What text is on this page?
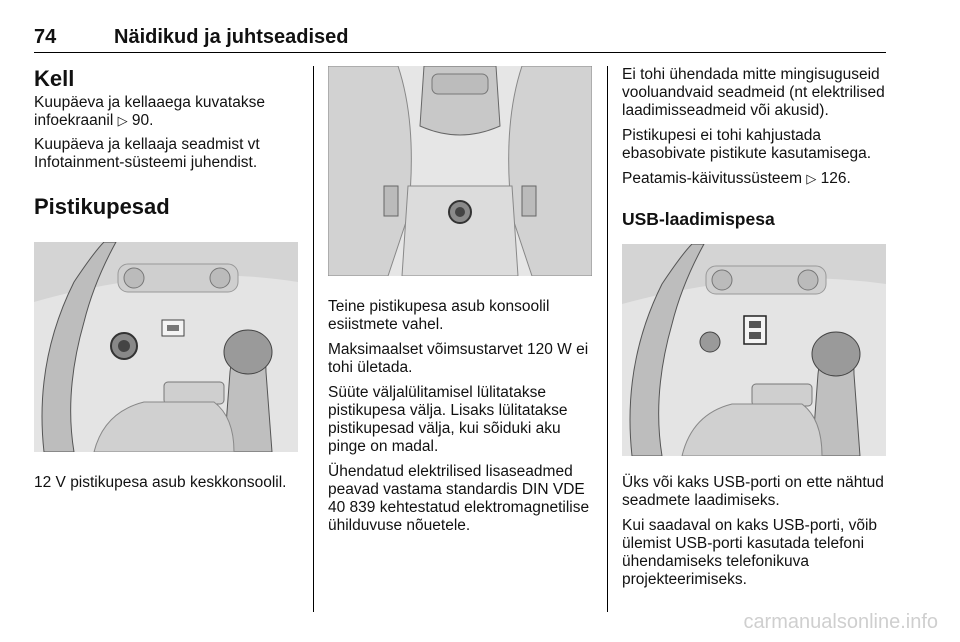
74	Näidikud ja juhtseadised
Kell

Kuupäeva ja kellaaega kuvatakse infoekraanil ▷ 90.

Kuupäeva ja kellaaja seadmist vt Infotainment-süsteemi juhendist.

Pistikupesad

12 V pistikupesa asub keskkonsoolil.

Teine pistikupesa asub konsoolil esiistmete vahel.

Maksimaalset võimsustarvet 120 W ei tohi ületada.

Süüte väljalülitamisel lülitatakse pistikupesa välja. Lisaks lülitatakse pistikupesad välja, kui sõiduki aku pinge on madal.

Ühendatud elektrilised lisaseadmed peavad vastama standardis DIN VDE 40 839 kehtestatud elektromagnetilise ühilduvuse nõuetele.

Ei tohi ühendada mitte mingisuguseid vooluandvaid seadmeid (nt elektrilised laadimisseadmeid või akusid).

Pistikupesi ei tohi kahjustada ebasobivate pistikute kasutamisega.

Peatamis-käivitussüsteem ▷ 126.

USB-laadimispesa

Üks või kaks USB-porti on ette nähtud seadmete laadimiseks.

Kui saadaval on kaks USB-porti, võib ülemist USB-porti kasutada telefoni ühendamiseks telefonikuva projekteerimiseks.

carmanualsonline.info
